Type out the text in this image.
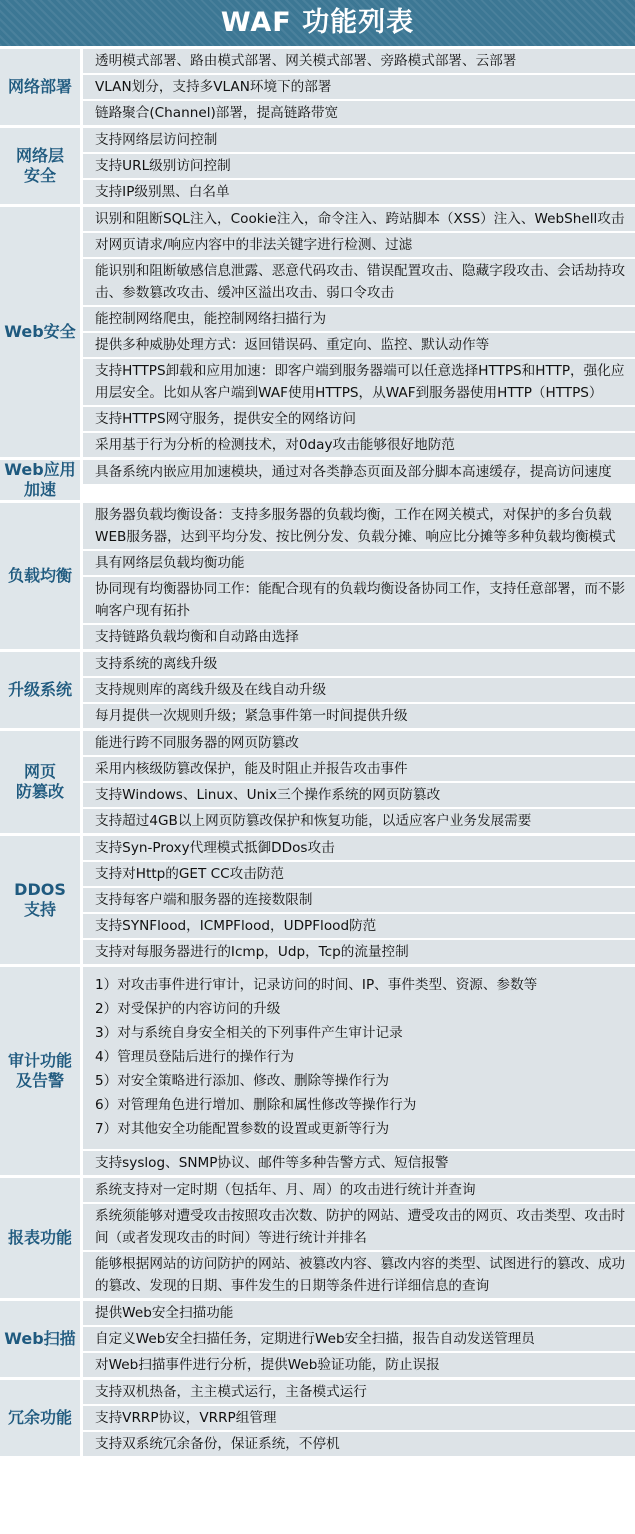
WAF 功能列表
网络部署
透明模式部署、路由模式部署、网关模式部署、旁路模式部署、云部署
VLAN划分，支持多VLAN环境下的部署
链路聚合(Channel)部署，提高链路带宽
网络层
安全
支持网络层访问控制
支持URL级别访问控制
支持IP级别黑、白名单
Web安全
识别和阻断SQL注入，Cookie注入，命令注入、跨站脚本（XSS）注入、WebShell攻击
对网页请求/响应内容中的非法关键字进行检测、过滤
能识别和阻断敏感信息泄露、恶意代码攻击、错误配置攻击、隐藏字段攻击、会话劫持攻击、参数篡改攻击、缓冲区溢出攻击、弱口令攻击
能控制网络爬虫，能控制网络扫描行为
提供多种威胁处理方式：返回错误码、重定向、监控、默认动作等
支持HTTPS卸载和应用加速：即客户端到服务器端可以任意选择HTTPS和HTTP，强化应用层安全。比如从客户端到WAF使用HTTPS，从WAF到服务器使用HTTP（HTTPS）
支持HTTPS网守服务，提供安全的网络访问
采用基于行为分析的检测技术，对0day攻击能够很好地防范
Web应用
加速
具备系统内嵌应用加速模块，通过对各类静态页面及部分脚本高速缓存，提高访问速度
负载均衡
服务器负载均衡设备：支持多服务器的负载均衡，工作在网关模式，对保护的多台负载WEB服务器，达到平均分发、按比例分发、负载分摊、响应比分摊等多种负载均衡模式
具有网络层负载均衡功能
协同现有均衡器协同工作：能配合现有的负载均衡设备协同工作，支持任意部署，而不影响客户现有拓扑
支持链路负载均衡和自动路由选择
升级系统
支持系统的离线升级
支持规则库的离线升级及在线自动升级
每月提供一次规则升级；紧急事件第一时间提供升级
网页
防篡改
能进行跨不同服务器的网页防篡改
采用内核级防篡改保护，能及时阻止并报告攻击事件
支持Windows、Linux、Unix三个操作系统的网页防篡改
支持超过4GB以上网页防篡改保护和恢复功能，以适应客户业务发展需要
DDOS
支持
支持Syn-Proxy代理模式抵御DDos攻击
支持对Http的GET CC攻击防范
支持每客户端和服务器的连接数限制
支持SYNFlood，ICMPFlood，UDPFlood防范
支持对每服务器进行的Icmp，Udp，Tcp的流量控制
审计功能
及告警
1）对攻击事件进行审计，记录访问的时间、IP、事件类型、资源、参数等
2）对受保护的内容访问的升级
3）对与系统自身安全相关的下列事件产生审计记录
4）管理员登陆后进行的操作行为
5）对安全策略进行添加、修改、删除等操作行为
6）对管理角色进行增加、删除和属性修改等操作行为
7）对其他安全功能配置参数的设置或更新等行为
支持syslog、SNMP协议、邮件等多种告警方式、短信报警
报表功能
系统支持对一定时期（包括年、月、周）的攻击进行统计并查询
系统须能够对遭受攻击按照攻击次数、防护的网站、遭受攻击的网页、攻击类型、攻击时间（或者发现攻击的时间）等进行统计并排名
能够根据网站的访问防护的网站、被篡改内容、篡改内容的类型、试图进行的篡改、成功的篡改、发现的日期、事件发生的日期等条件进行详细信息的查询
Web扫描
提供Web安全扫描功能
自定义Web安全扫描任务，定期进行Web安全扫描，报告自动发送管理员
对Web扫描事件进行分析，提供Web验证功能，防止误报
冗余功能
支持双机热备，主主模式运行，主备模式运行
支持VRRP协议，VRRP组管理
支持双系统冗余备份，保证系统，不停机
